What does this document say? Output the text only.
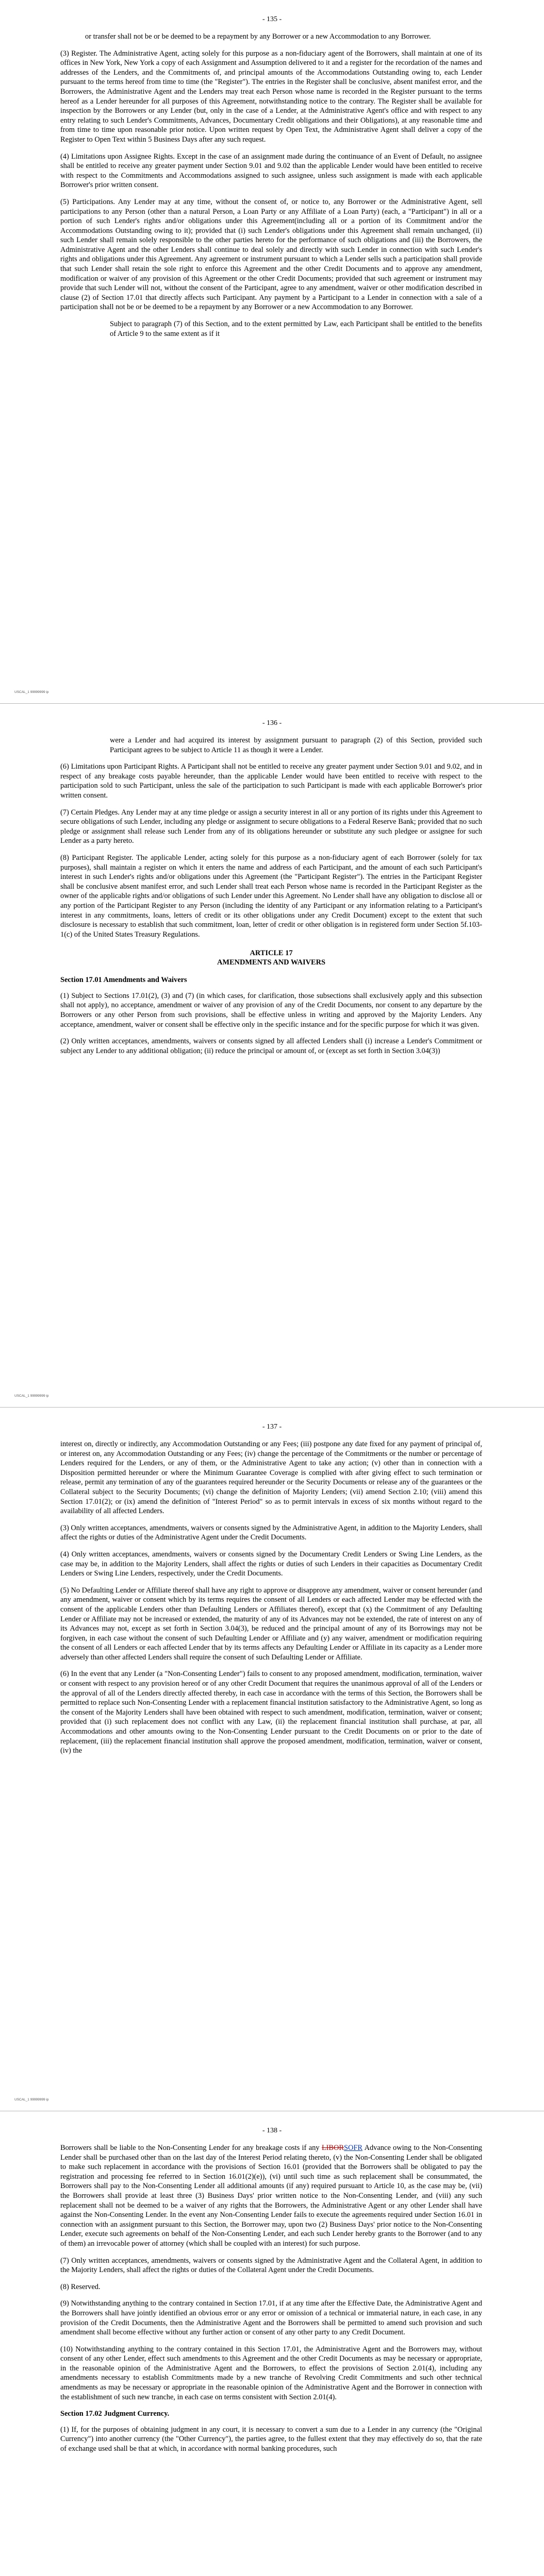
- 135 -

or transfer shall not be or be deemed to be a repayment by any Borrower or a new Accommodation to any Borrower.

(3) Register. The Administrative Agent, acting solely for this purpose as a non-fiduciary agent of the Borrowers, shall maintain at one of its offices in New York, New York a copy of each Assignment and Assumption delivered to it and a register for the recordation of the names and addresses of the Lenders, and the Commitments of, and principal amounts of the Accommodations Outstanding owing to, each Lender pursuant to the terms hereof from time to time (the "Register"). The entries in the Register shall be conclusive, absent manifest error, and the Borrowers, the Administrative Agent and the Lenders may treat each Person whose name is recorded in the Register pursuant to the terms hereof as a Lender hereunder for all purposes of this Agreement, notwithstanding notice to the contrary. The Register shall be available for inspection by the Borrowers or any Lender (but, only in the case of a Lender, at the Administrative Agent's office and with respect to any entry relating to such Lender's Commitments, Advances, Documentary Credit obligations and their Obligations), at any reasonable time and from time to time upon reasonable prior notice. Upon written request by Open Text, the Administrative Agent shall deliver a copy of the Register to Open Text within 5 Business Days after any such request.

(4) Limitations upon Assignee Rights. Except in the case of an assignment made during the continuance of an Event of Default, no assignee shall be entitled to receive any greater payment under Section 9.01 and 9.02 than the applicable Lender would have been entitled to receive with respect to the Commitments and Accommodations assigned to such assignee, unless such assignment is made with each applicable Borrower's prior written consent.

(5) Participations. Any Lender may at any time, without the consent of, or notice to, any Borrower or the Administrative Agent, sell participations to any Person (other than a natural Person, a Loan Party or any Affiliate of a Loan Party) (each, a "Participant") in all or a portion of such Lender's rights and/or obligations under this Agreement(including all or a portion of its Commitment and/or the Accommodations Outstanding owing to it); provided that (i) such Lender's obligations under this Agreement shall remain unchanged, (ii) such Lender shall remain solely responsible to the other parties hereto for the performance of such obligations and (iii) the Borrowers, the Administrative Agent and the other Lenders shall continue to deal solely and directly with such Lender in connection with such Lender's rights and obligations under this Agreement. Any agreement or instrument pursuant to which a Lender sells such a participation shall provide that such Lender shall retain the sole right to enforce this Agreement and the other Credit Documents and to approve any amendment, modification or waiver of any provision of this Agreement or the other Credit Documents; provided that such agreement or instrument may provide that such Lender will not, without the consent of the Participant, agree to any amendment, waiver or other modification described in clause (2) of Section 17.01 that directly affects such Participant. Any payment by a Participant to a Lender in connection with a sale of a participation shall not be or be deemed to be a repayment by any Borrower or a new Accommodation to any Borrower.

Subject to paragraph (7) of this Section, and to the extent permitted by Law, each Participant shall be entitled to the benefits of Article 9 to the same extent as if it

USCAL_1 99999999 ip
- 136 -

were a Lender and had acquired its interest by assignment pursuant to paragraph (2) of this Section, provided such Participant agrees to be subject to Article 11 as though it were a Lender.

(6) Limitations upon Participant Rights. A Participant shall not be entitled to receive any greater payment under Section 9.01 and 9.02, and in respect of any breakage costs payable hereunder, than the applicable Lender would have been entitled to receive with respect to the participation sold to such Participant, unless the sale of the participation to such Participant is made with each applicable Borrower's prior written consent.

(7) Certain Pledges. Any Lender may at any time pledge or assign a security interest in all or any portion of its rights under this Agreement to secure obligations of such Lender, including any pledge or assignment to secure obligations to a Federal Reserve Bank; provided that no such pledge or assignment shall release such Lender from any of its obligations hereunder or substitute any such pledgee or assignee for such Lender as a party hereto.

(8) Participant Register. The applicable Lender, acting solely for this purpose as a non-fiduciary agent of each Borrower (solely for tax purposes), shall maintain a register on which it enters the name and address of each Participant, and the amount of each such Participant's interest in such Lender's rights and/or obligations under this Agreement (the "Participant Register"). The entries in the Participant Register shall be conclusive absent manifest error, and such Lender shall treat each Person whose name is recorded in the Participant Register as the owner of the applicable rights and/or obligations of such Lender under this Agreement. No Lender shall have any obligation to disclose all or any portion of the Participant Register to any Person (including the identity of any Participant or any information relating to a Participant's interest in any commitments, loans, letters of credit or its other obligations under any Credit Document) except to the extent that such disclosure is necessary to establish that such commitment, loan, letter of credit or other obligation is in registered form under Section 5f.103-1(c) of the United States Treasury Regulations.

ARTICLE 17
AMENDMENTS AND WAIVERS
Section 17.01 Amendments and Waivers

(1) Subject to Sections 17.01(2), (3) and (7) (in which cases, for clarification, those subsections shall exclusively apply and this subsection shall not apply), no acceptance, amendment or waiver of any provision of any of the Credit Documents, nor consent to any departure by the Borrowers or any other Person from such provisions, shall be effective unless in writing and approved by the Majority Lenders. Any acceptance, amendment, waiver or consent shall be effective only in the specific instance and for the specific purpose for which it was given.

(2) Only written acceptances, amendments, waivers or consents signed by all affected Lenders shall (i) increase a Lender's Commitment or subject any Lender to any additional obligation; (ii) reduce the principal or amount of, or (except as set forth in Section 3.04(3))

USCAL_1 99999999 ip
- 137 -

interest on, directly or indirectly, any Accommodation Outstanding or any Fees; (iii) postpone any date fixed for any payment of principal of, or interest on, any Accommodation Outstanding or any Fees; (iv) change the percentage of the Commitments or the number or percentage of Lenders required for the Lenders, or any of them, or the Administrative Agent to take any action; (v) other than in connection with a Disposition permitted hereunder or where the Minimum Guarantee Coverage is complied with after giving effect to such termination or release, permit any termination of any of the guarantees required hereunder or the Security Documents or release any of the guarantees or the Collateral subject to the Security Documents; (vi) change the definition of Majority Lenders; (vii) amend Section 2.10; (viii) amend this Section 17.01(2); or (ix) amend the definition of "Interest Period" so as to permit intervals in excess of six months without regard to the availability of all affected Lenders.

(3) Only written acceptances, amendments, waivers or consents signed by the Administrative Agent, in addition to the Majority Lenders, shall affect the rights or duties of the Administrative Agent under the Credit Documents.

(4) Only written acceptances, amendments, waivers or consents signed by the Documentary Credit Lenders or Swing Line Lenders, as the case may be, in addition to the Majority Lenders, shall affect the rights or duties of such Lenders in their capacities as Documentary Credit Lenders or Swing Line Lenders, respectively, under the Credit Documents.

(5) No Defaulting Lender or Affiliate thereof shall have any right to approve or disapprove any amendment, waiver or consent hereunder (and any amendment, waiver or consent which by its terms requires the consent of all Lenders or each affected Lender may be effected with the consent of the applicable Lenders other than Defaulting Lenders or Affiliates thereof), except that (x) the Commitment of any Defaulting Lender or Affiliate may not be increased or extended, the maturity of any of its Advances may not be extended, the rate of interest on any of its Advances may not, except as set forth in Section 3.04(3), be reduced and the principal amount of any of its Borrowings may not be forgiven, in each case without the consent of such Defaulting Lender or Affiliate and (y) any waiver, amendment or modification requiring the consent of all Lenders or each affected Lender that by its terms affects any Defaulting Lender or Affiliate in its capacity as a Lender more adversely than other affected Lenders shall require the consent of such Defaulting Lender or Affiliate.

(6) In the event that any Lender (a "Non-Consenting Lender") fails to consent to any proposed amendment, modification, termination, waiver or consent with respect to any provision hereof or of any other Credit Document that requires the unanimous approval of all of the Lenders or the approval of all of the Lenders directly affected thereby, in each case in accordance with the terms of this Section, the Borrowers shall be permitted to replace such Non-Consenting Lender with a replacement financial institution satisfactory to the Administrative Agent, so long as the consent of the Majority Lenders shall have been obtained with respect to such amendment, modification, termination, waiver or consent; provided that (i) such replacement does not conflict with any Law, (ii) the replacement financial institution shall purchase, at par, all Accommodations and other amounts owing to the Non-Consenting Lender pursuant to the Credit Documents on or prior to the date of replacement, (iii) the replacement financial institution shall approve the proposed amendment, modification, termination, waiver or consent, (iv) the

USCAL_1 99999999 ip
- 138 -

Borrowers shall be liable to the Non-Consenting Lender for any breakage costs if any LIBORSOFR Advance owing to the Non-Consenting Lender shall be purchased other than on the last day of the Interest Period relating thereto, (v) the Non-Consenting Lender shall be obligated to make such replacement in accordance with the provisions of Section 16.01 (provided that the Borrowers shall be obligated to pay the registration and processing fee referred to in Section 16.01(2)(e)), (vi) until such time as such replacement shall be consummated, the Borrowers shall pay to the Non-Consenting Lender all additional amounts (if any) required pursuant to Article 10, as the case may be, (vii) the Borrowers shall provide at least three (3) Business Days' prior written notice to the Non-Consenting Lender, and (viii) any such replacement shall not be deemed to be a waiver of any rights that the Borrowers, the Administrative Agent or any other Lender shall have against the Non-Consenting Lender. In the event any Non-Consenting Lender fails to execute the agreements required under Section 16.01 in connection with an assignment pursuant to this Section, the Borrower may, upon two (2) Business Days' prior notice to the Non-Consenting Lender, execute such agreements on behalf of the Non-Consenting Lender, and each such Lender hereby grants to the Borrower (and to any of them) an irrevocable power of attorney (which shall be coupled with an interest) for such purpose.

(7) Only written acceptances, amendments, waivers or consents signed by the Administrative Agent and the Collateral Agent, in addition to the Majority Lenders, shall affect the rights or duties of the Collateral Agent under the Credit Documents.

(8) Reserved.

(9) Notwithstanding anything to the contrary contained in Section 17.01, if at any time after the Effective Date, the Administrative Agent and the Borrowers shall have jointly identified an obvious error or any error or omission of a technical or immaterial nature, in each case, in any provision of the Credit Documents, then the Administrative Agent and the Borrowers shall be permitted to amend such provision and such amendment shall become effective without any further action or consent of any other party to any Credit Document.

(10) Notwithstanding anything to the contrary contained in this Section 17.01, the Administrative Agent and the Borrowers may, without consent of any other Lender, effect such amendments to this Agreement and the other Credit Documents as may be necessary or appropriate, in the reasonable opinion of the Administrative Agent and the Borrowers, to effect the provisions of Section 2.01(4), including any amendments necessary to establish Commitments made by a new tranche of Revolving Credit Commitments and such other technical amendments as may be necessary or appropriate in the reasonable opinion of the Administrative Agent and the Borrower in connection with the establishment of such new tranche, in each case on terms consistent with Section 2.01(4).

Section 17.02 Judgment Currency.

(1) If, for the purposes of obtaining judgment in any court, it is necessary to convert a sum due to a Lender in any currency (the "Original Currency") into another currency (the "Other Currency"), the parties agree, to the fullest extent that they may effectively do so, that the rate of exchange used shall be that at which, in accordance with normal banking procedures, such
